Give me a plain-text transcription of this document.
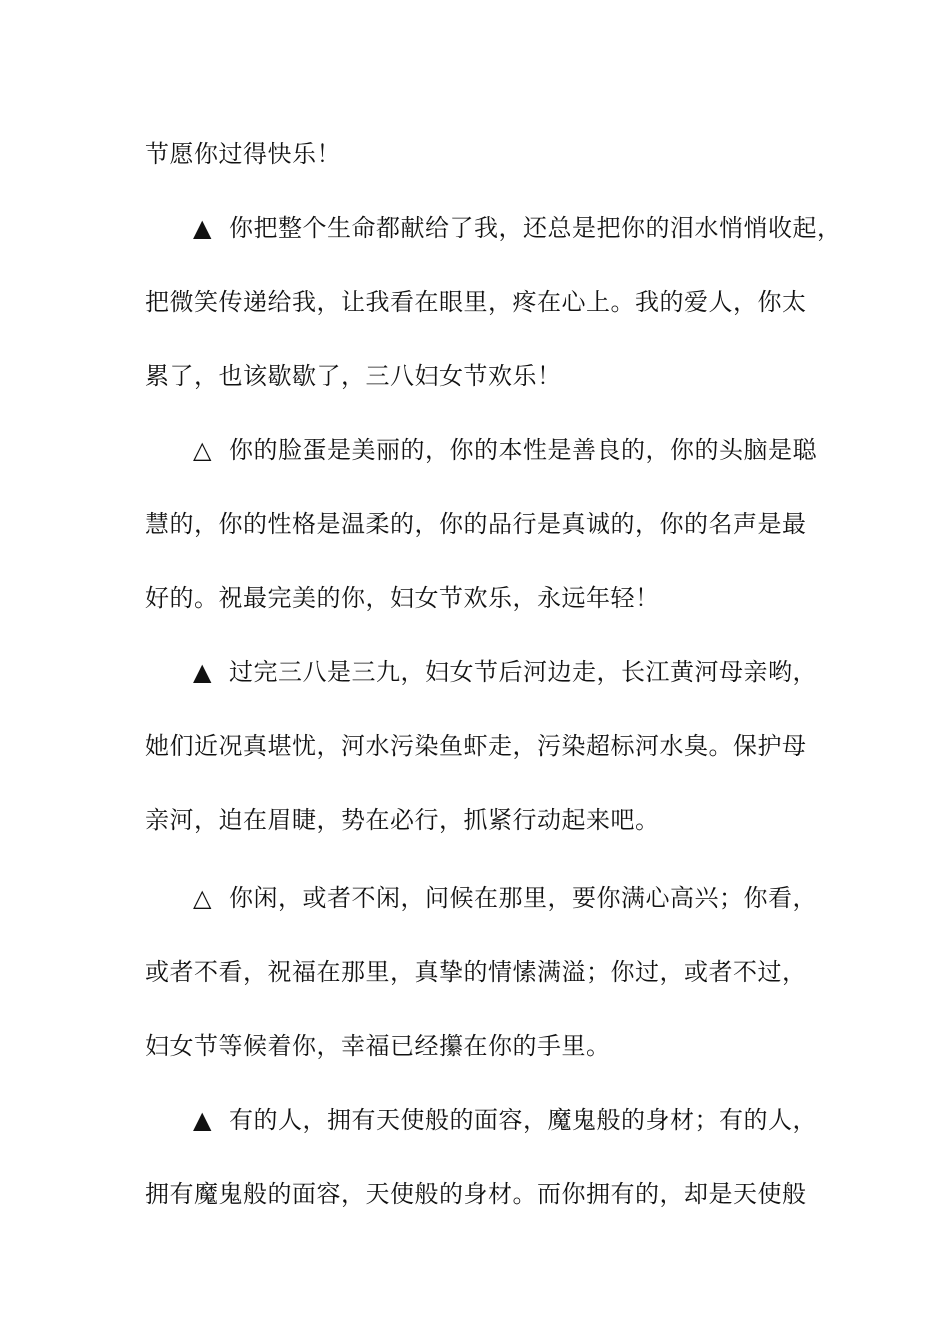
节愿你过得快乐！
▲ 你把整个生命都献给了我，还总是把你的泪水悄悄收起，
把微笑传递给我，让我看在眼里，疼在心上。我的爱人，你太
累了，也该歇歇了，三八妇女节欢乐！
△ 你的脸蛋是美丽的，你的本性是善良的，你的头脑是聪
慧的，你的性格是温柔的，你的品行是真诚的，你的名声是最
好的。祝最完美的你，妇女节欢乐，永远年轻！
▲ 过完三八是三九，妇女节后河边走，长江黄河母亲哟，
她们近况真堪忧，河水污染鱼虾走，污染超标河水臭。保护母
亲河，迫在眉睫，势在必行，抓紧行动起来吧。
△ 你闲，或者不闲，问候在那里，要你满心高兴；你看，
或者不看，祝福在那里，真挚的情愫满溢；你过，或者不过，
妇女节等候着你，幸福已经攥在你的手里。
▲ 有的人，拥有天使般的面容，魔鬼般的身材；有的人，
拥有魔鬼般的面容，天使般的身材。而你拥有的，却是天使般
